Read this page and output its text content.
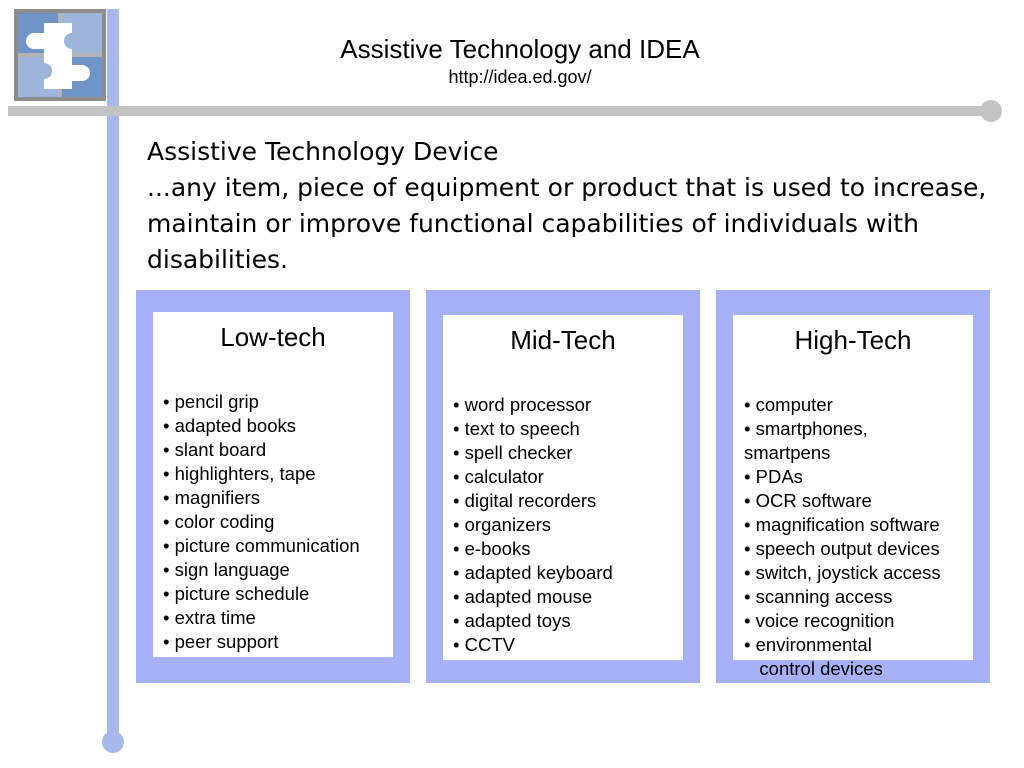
Assistive Technology and IDEA
http://idea.ed.gov/
Assistive Technology Device
...any item, piece of equipment or product that is used to increase, maintain or improve functional capabilities of individuals with disabilities.
Low-tech	Mid-Tech	High-Tech
• pencil grip
• adapted books
• slant board
• highlighters, tape
• magnifiers
• color coding
• picture communication
• sign language
• picture schedule
• extra time
• peer support
• word processor
• text to speech
• spell checker
• calculator
• digital recorders
• organizers
• e-books
• adapted keyboard
• adapted mouse
• adapted toys
• CCTV
• computer
• smartphones,
smartpens
• PDAs
• OCR software
• magnification software
• speech output devices
• switch, joystick access
• scanning access
• voice recognition
• environmental
control devices
